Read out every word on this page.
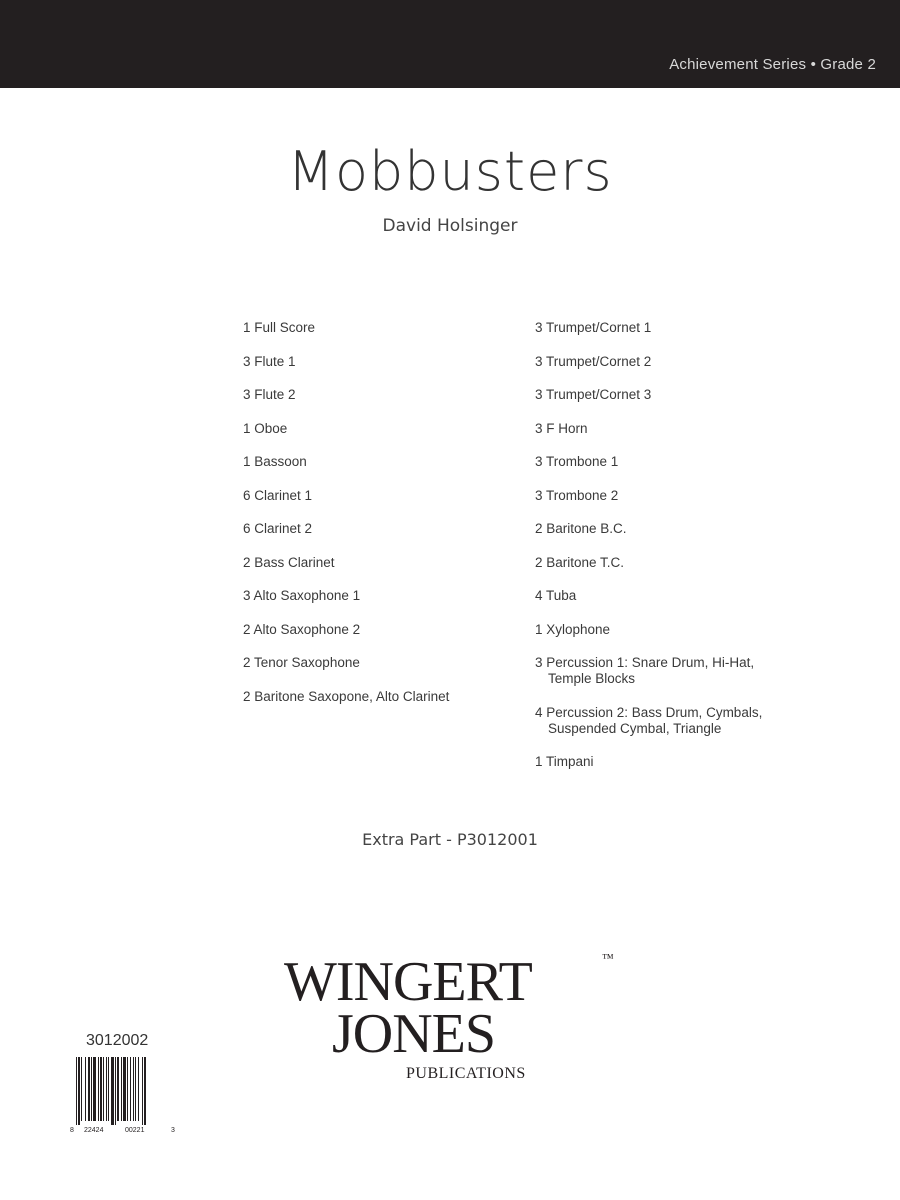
Achievement Series • Grade 2
Mobbusters
David Holsinger
1 Full Score
3 Flute 1
3 Flute 2
1 Oboe
1 Bassoon
6 Clarinet 1
6 Clarinet 2
2 Bass Clarinet
3 Alto Saxophone 1
2 Alto Saxophone 2
2 Tenor Saxophone
2 Baritone Saxopone, Alto Clarinet
3 Trumpet/Cornet 1
3 Trumpet/Cornet 2
3 Trumpet/Cornet 3
3 F Horn
3 Trombone 1
3 Trombone 2
2 Baritone B.C.
2 Baritone T.C.
4 Tuba
1 Xylophone
3 Percussion 1: Snare Drum, Hi-Hat,
Temple Blocks
4 Percussion 2: Bass Drum, Cymbals,
Suspended Cymbal, Triangle
1 Timpani
Extra Part - P3012001
WINGERT	™
JONES
PUBLICATIONS
3012002
8 22424	00221	3
